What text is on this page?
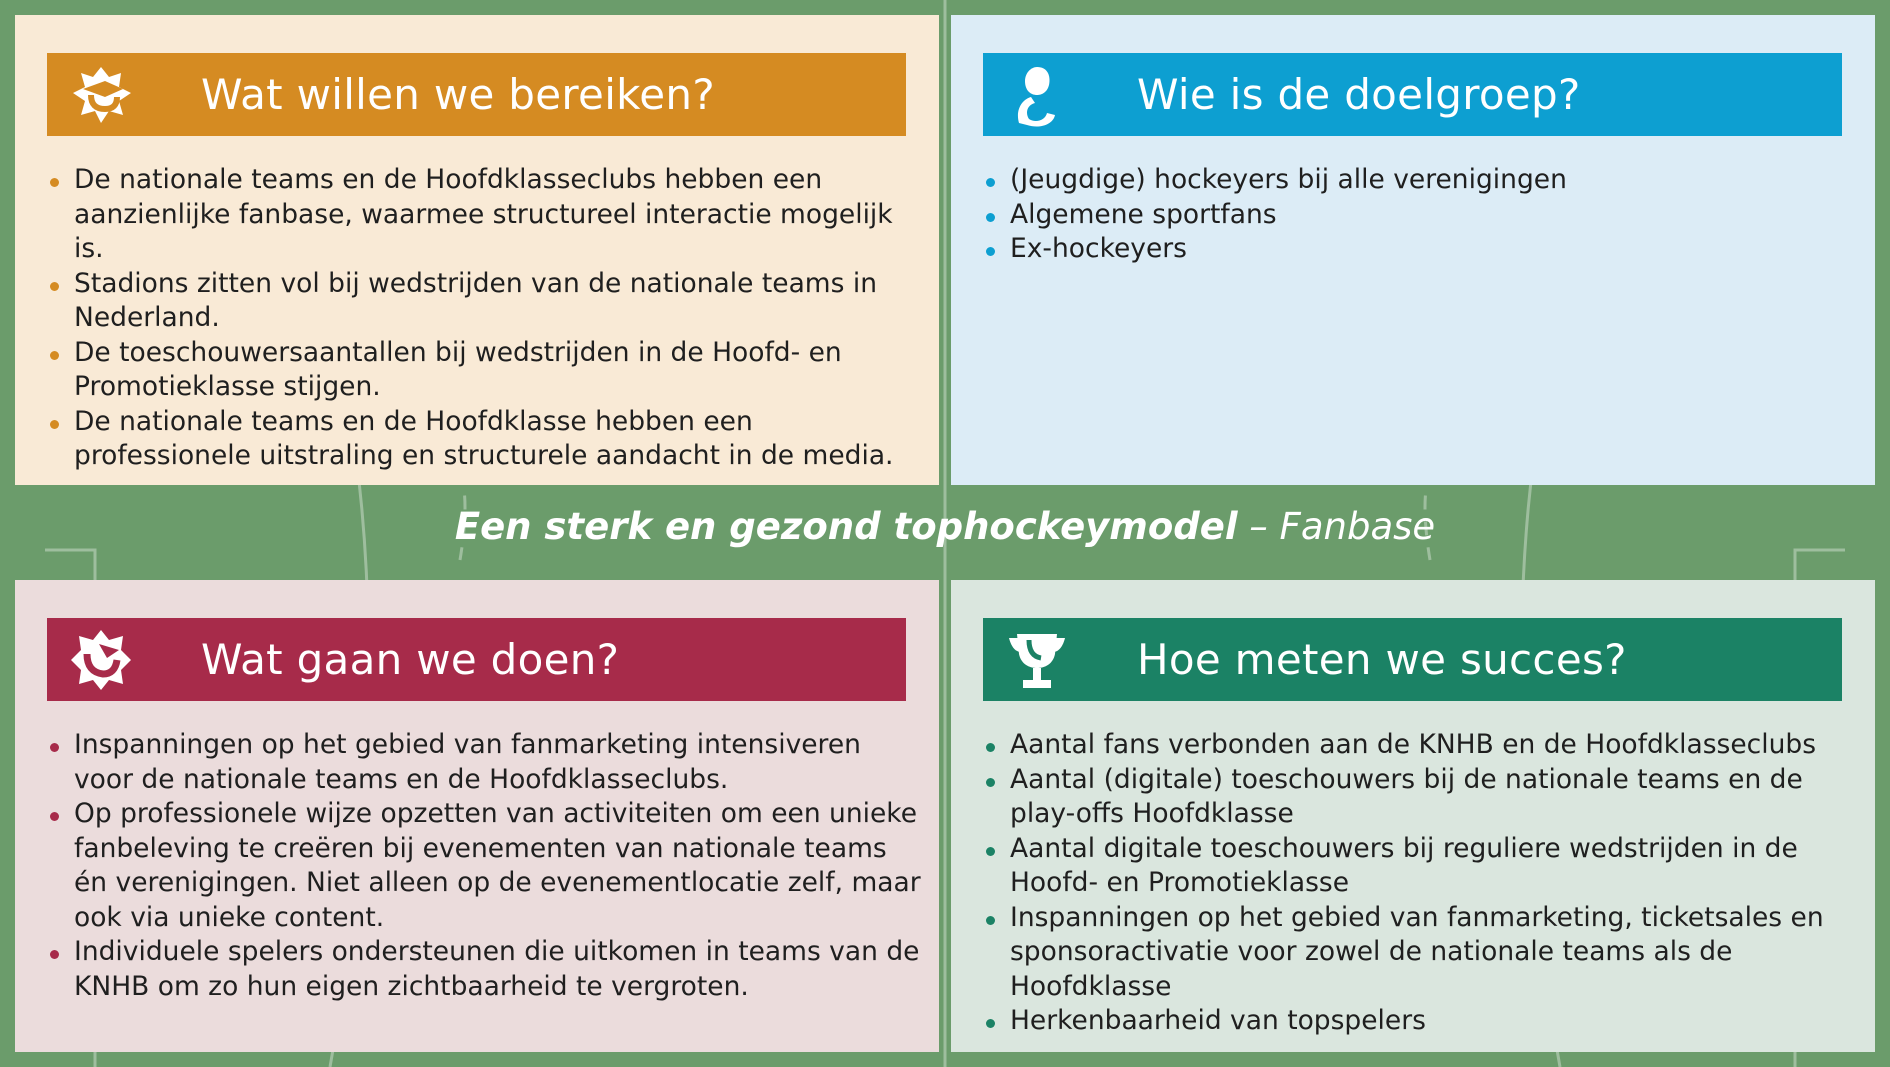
Wat willen we bereiken?
De nationale teams en de Hoofdklasseclubs hebben een aanzienlijke fanbase, waarmee structureel interactie mogelijk is.
Stadions zitten vol bij wedstrijden van de nationale teams in Nederland.
De toeschouwersaantallen bij wedstrijden in de Hoofd- en Promotieklasse stijgen.
De nationale teams en de Hoofdklasse hebben een professionele uitstraling en structurele aandacht in de media.
Wie is de doelgroep?
(Jeugdige) hockeyers bij alle verenigingen
Algemene sportfans
Ex-hockeyers
Een sterk en gezond tophockeymodel – Fanbase
Wat gaan we doen?
Inspanningen op het gebied van fanmarketing intensiveren voor de nationale teams en de Hoofdklasseclubs.
Op professionele wijze opzetten van activiteiten om een unieke fanbeleving te creëren bij evenementen van nationale teams én verenigingen. Niet alleen op de evenementlocatie zelf, maar ook via unieke content.
Individuele spelers ondersteunen die uitkomen in teams van de KNHB om zo hun eigen zichtbaarheid te vergroten.
Hoe meten we succes?
Aantal fans verbonden aan de KNHB en de Hoofdklasseclubs
Aantal (digitale) toeschouwers bij de nationale teams en de play-offs Hoofdklasse
Aantal digitale toeschouwers bij reguliere wedstrijden in de Hoofd- en Promotieklasse
Inspanningen op het gebied van fanmarketing, ticketsales en sponsoractivatie voor zowel de nationale teams als de Hoofdklasse
Herkenbaarheid van topspelers
